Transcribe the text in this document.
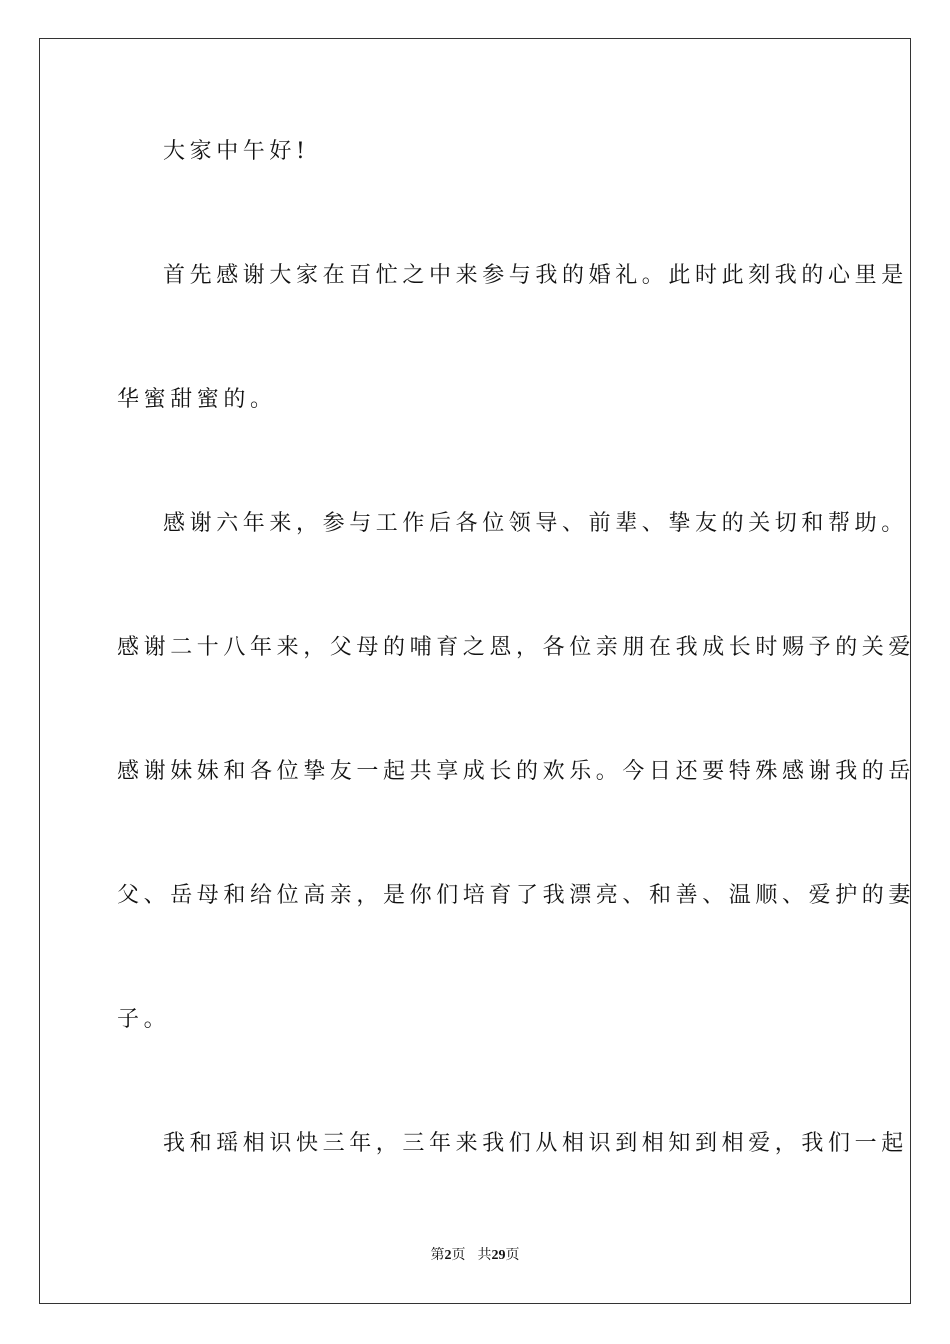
大家中午好!
首先感谢大家在百忙之中来参与我的婚礼。此时此刻我的心里是
华蜜甜蜜的。
感谢六年来，参与工作后各位领导、前辈、挚友的关切和帮助。
感谢二十八年来，父母的哺育之恩，各位亲朋在我成长时赐予的关爱
感谢妹妹和各位挚友一起共享成长的欢乐。今日还要特殊感谢我的岳
父、岳母和给位高亲，是你们培育了我漂亮、和善、温顺、爱护的妻
子。
我和瑶相识快三年，三年来我们从相识到相知到相爱，我们一起
第2页 共29页
